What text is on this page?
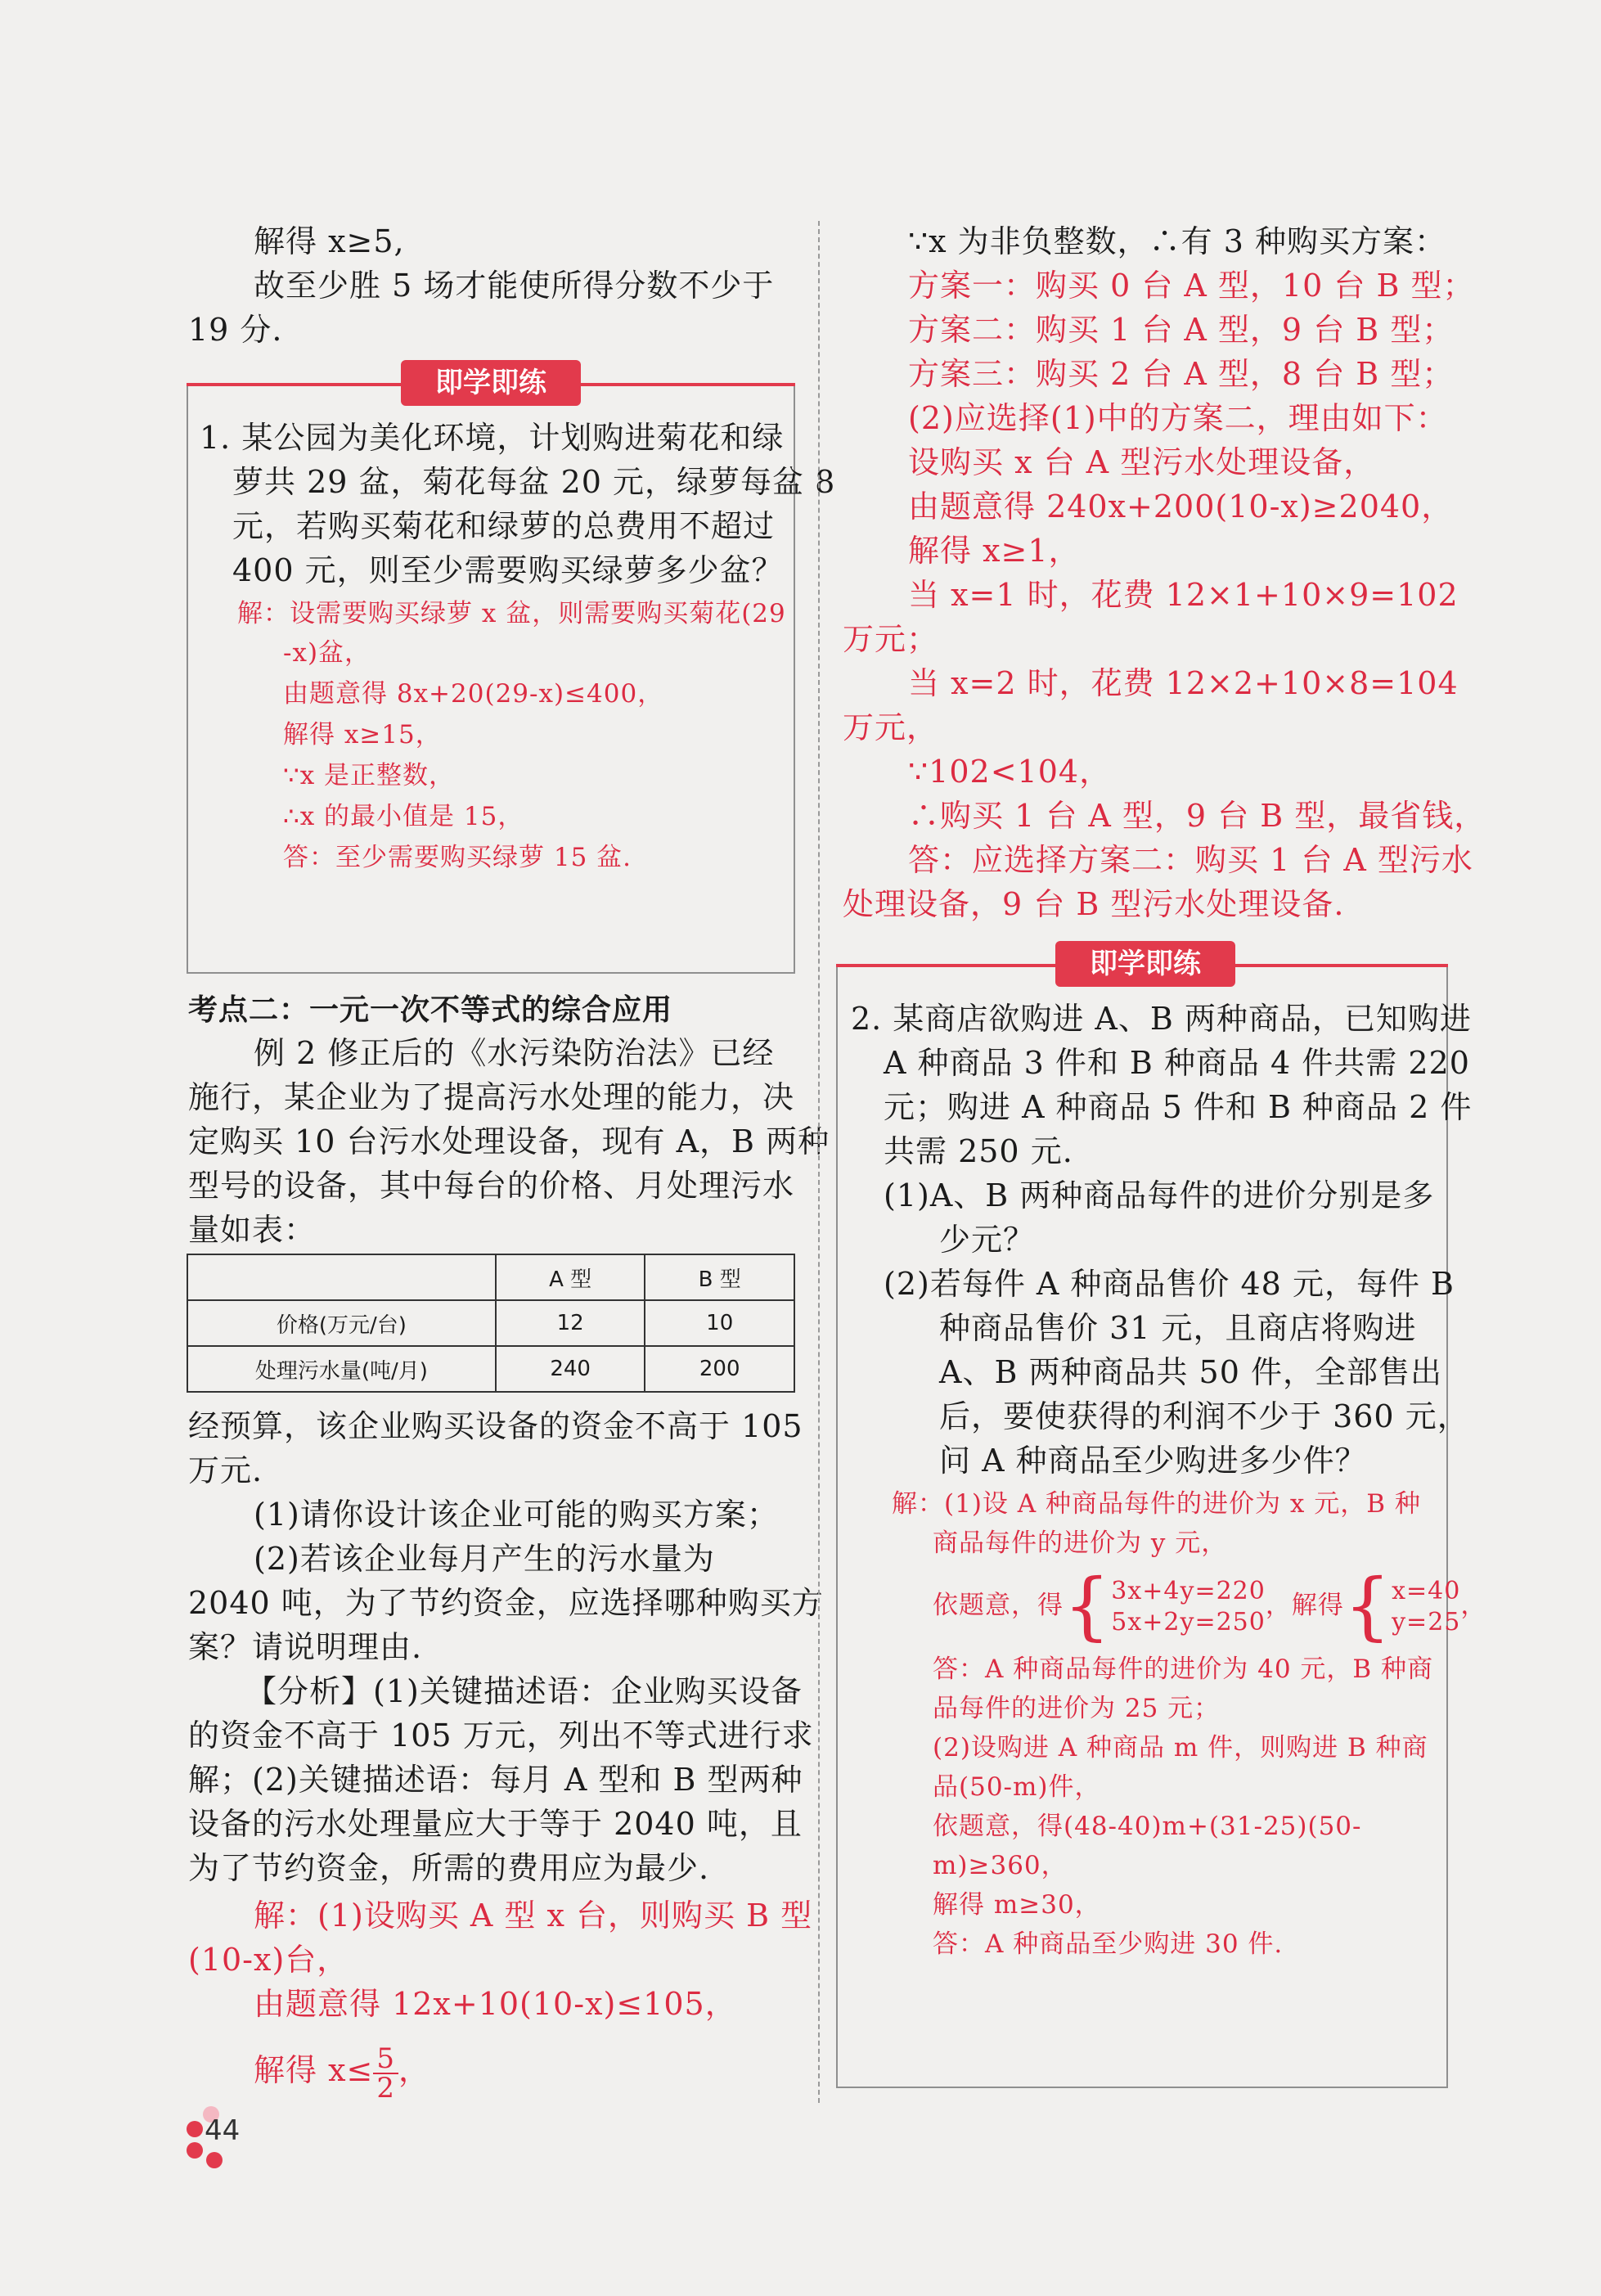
解得 x≥5,
故至少胜 5 场才能使所得分数不少于
19 分.
即学即练
1. 某公园为美化环境，计划购进菊花和绿
萝共 29 盆，菊花每盆 20 元，绿萝每盆 8
元，若购买菊花和绿萝的总费用不超过
400 元，则至少需要购买绿萝多少盆？
解：设需要购买绿萝 x 盆，则需要购买菊花(29
-x)盆，
由题意得 8x+20(29-x)≤400，
解得 x≥15，
∵x 是正整数，
∴x 的最小值是 15，
答：至少需要购买绿萝 15 盆.
考点二：一元一次不等式的综合应用
例 2 修正后的《水污染防治法》已经
施行，某企业为了提高污水处理的能力，决
定购买 10 台污水处理设备，现有 A，B 两种
型号的设备，其中每台的价格、月处理污水
量如表：
	A 型	B 型
价格(万元/台)	12	10
处理污水量(吨/月)	240	200
经预算，该企业购买设备的资金不高于 105
万元.
(1)请你设计该企业可能的购买方案；
(2)若该企业每月产生的污水量为
2040 吨，为了节约资金，应选择哪种购买方
案？请说明理由.
【分析】(1)关键描述语：企业购买设备
的资金不高于 105 万元，列出不等式进行求
解；(2)关键描述语：每月 A 型和 B 型两种
设备的污水处理量应大于等于 2040 吨，且
为了节约资金，所需的费用应为最少.
解：(1)设购买 A 型 x 台，则购买 B 型
(10-x)台，
由题意得 12x+10(10-x)≤105，
解得 $x\le \frac{5}{2}$ ，
∵x 为非负整数，∴有 3 种购买方案：
方案一：购买 0 台 A 型，10 台 B 型；
方案二：购买 1 台 A 型，9 台 B 型；
方案三：购买 2 台 A 型，8 台 B 型；
(2)应选择(1)中的方案二，理由如下：
设购买 x 台 A 型污水处理设备，
由题意得 240x+200(10-x)≥2040，
解得 x≥1，
当 x=1 时，花费 12×1+10×9=102
万元；
当 x=2 时，花费 12×2+10×8=104
万元，
∵102<104，
∴购买 1 台 A 型，9 台 B 型，最省钱，
答：应选择方案二：购买 1 台 A 型污水
处理设备，9 台 B 型污水处理设备.
即学即练
2. 某商店欲购进 A、B 两种商品，已知购进
A 种商品 3 件和 B 种商品 4 件共需 220
元；购进 A 种商品 5 件和 B 种商品 2 件
共需 250 元.
(1)A、B 两种商品每件的进价分别是多
少元？
(2)若每件 A 种商品售价 48 元，每件 B
种商品售价 31 元，且商店将购进
A、B 两种商品共 50 件，全部售出
后，要使获得的利润不少于 360 元，
问 A 种商品至少购进多少件？
解：(1)设 A 种商品每件的进价为 x 元，B 种
商品每件的进价为 y 元，
依题意，得{ 3x+4y=220
5x+2y=250
，解得{ x=40
y=25
，
答：A 种商品每件的进价为 40 元，B 种商
品每件的进价为 25 元；
(2)设购进 A 种商品 m 件，则购进 B 种商
品(50-m)件，
依题意，得(48-40)m+(31-25)(50-
m)≥360，
解得 m≥30，
答：A 种商品至少购进 30 件.
44
